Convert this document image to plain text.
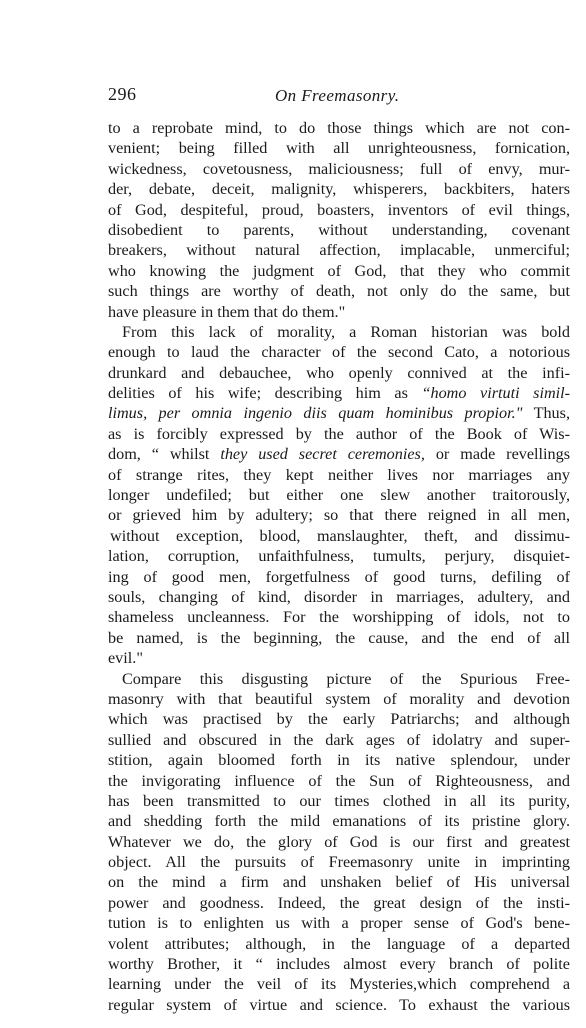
296	On Freemasonry.
to a reprobate mind, to do those things which are not con-
venient; being filled with all unrighteousness, fornication,
wickedness, covetousness, maliciousness; full of envy, mur-
der, debate, deceit, malignity, whisperers, backbiters, haters
of God, despiteful, proud, boasters, inventors of evil things,
disobedient to parents, without understanding, covenant
breakers, without natural affection, implacable, unmerciful;
who knowing the judgment of God, that they who commit
such things are worthy of death, not only do the same, but
have pleasure in them that do them."
From this lack of morality, a Roman historian was bold
enough to laud the character of the second Cato, a notorious
drunkard and debauchee, who openly connived at the infi-
delities of his wife; describing him as “homo virtuti simil-
limus, per omnia ingenio diis quam hominibus propior." Thus,
as is forcibly expressed by the author of the Book of Wis-
dom, “ whilst they used secret ceremonies, or made revellings
of strange rites, they kept neither lives nor marriages any
longer undefiled; but either one slew another traitorously,
or grieved him by adultery; so that there reigned in all men,
without exception, blood, manslaughter, theft, and dissimu-
lation, corruption, unfaithfulness, tumults, perjury, disquiet-
ing of good men, forgetfulness of good turns, defiling of
souls, changing of kind, disorder in marriages, adultery, and
shameless uncleanness. For the worshipping of idols, not to
be named, is the beginning, the cause, and the end of all
evil."
Compare this disgusting picture of the Spurious Free-
masonry with that beautiful system of morality and devotion
which was practised by the early Patriarchs; and although
sullied and obscured in the dark ages of idolatry and super-
stition, again bloomed forth in its native splendour, under
the invigorating influence of the Sun of Righteousness, and
has been transmitted to our times clothed in all its purity,
and shedding forth the mild emanations of its pristine glory.
Whatever we do, the glory of God is our first and greatest
object. All the pursuits of Freemasonry unite in imprinting
on the mind a firm and unshaken belief of His universal
power and goodness. Indeed, the great design of the insti-
tution is to enlighten us with a proper sense of God's bene-
volent attributes; although, in the language of a departed
worthy Brother, it “ includes almost every branch of polite
learning under the veil of its Mysteries,which comprehend a
regular system of virtue and science. To exhaust the various
